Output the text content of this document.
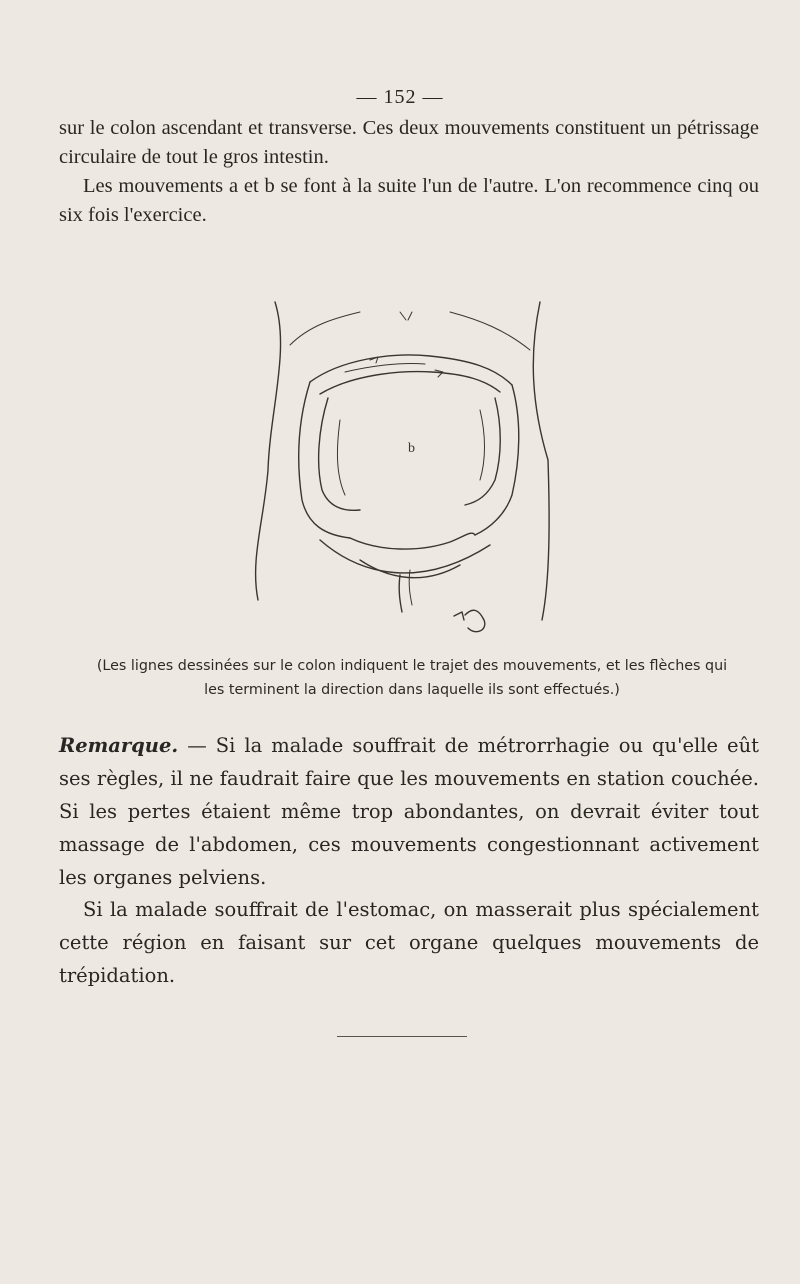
— 152 —

sur le colon ascendant et transverse. Ces deux mouvements constituent un pétrissage circulaire de tout le gros intestin.

Les mouvements a et b se font à la suite l'un de l'autre. L'on recommence cinq ou six fois l'exercice.

b
(Les lignes dessinées sur le colon indiquent le trajet des mouvements, et les flèches qui les terminent la direction dans laquelle ils sont effectués.)

Remarque. — Si la malade souffrait de métrorrhagie ou qu'elle eût ses règles, il ne faudrait faire que les mouvements en station couchée. Si les pertes étaient même trop abondantes, on devrait éviter tout massage de l'abdomen, ces mouvements congestionnant activement les organes pelviens.

Si la malade souffrait de l'estomac, on masserait plus spécialement cette région en faisant sur cet organe quelques mouvements de trépidation.
